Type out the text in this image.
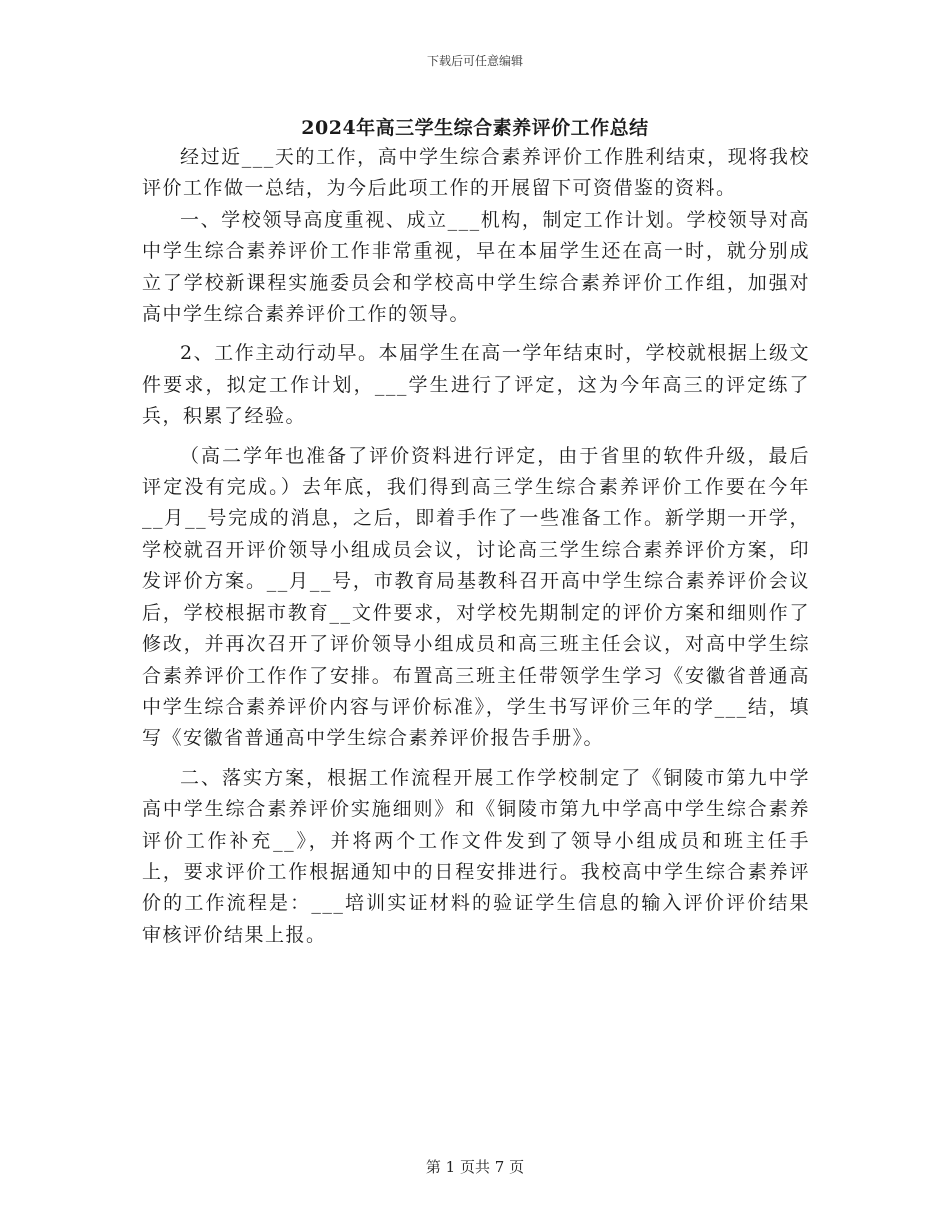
下载后可任意编辑
2024年高三学生综合素养评价工作总结

经过近___天的工作，高中学生综合素养评价工作胜利结束，现将我校评价工作做一总结，为今后此项工作的开展留下可资借鉴的资料。

一、学校领导高度重视、成立___机构，制定工作计划。学校领导对高中学生综合素养评价工作非常重视，早在本届学生还在高一时，就分别成立了学校新课程实施委员会和学校高中学生综合素养评价工作组，加强对高中学生综合素养评价工作的领导。

2、工作主动行动早。本届学生在高一学年结束时，学校就根据上级文件要求，拟定工作计划，___学生进行了评定，这为今年高三的评定练了兵，积累了经验。

（高二学年也准备了评价资料进行评定，由于省里的软件升级，最后评定没有完成。）去年底，我们得到高三学生综合素养评价工作要在今年__月__号完成的消息，之后，即着手作了一些准备工作。新学期一开学，学校就召开评价领导小组成员会议，讨论高三学生综合素养评价方案，印发评价方案。__月__号，市教育局基教科召开高中学生综合素养评价会议后，学校根据市教育__文件要求，对学校先期制定的评价方案和细则作了修改，并再次召开了评价领导小组成员和高三班主任会议，对高中学生综合素养评价工作作了安排。布置高三班主任带领学生学习《安徽省普通高中学生综合素养评价内容与评价标准》，学生书写评价三年的学___结，填写《安徽省普通高中学生综合素养评价报告手册》。

二、落实方案，根据工作流程开展工作学校制定了《铜陵市第九中学高中学生综合素养评价实施细则》和《铜陵市第九中学高中学生综合素养评价工作补充__》，并将两个工作文件发到了领导小组成员和班主任手上，要求评价工作根据通知中的日程安排进行。我校高中学生综合素养评价的工作流程是：___培训实证材料的验证学生信息的输入评价评价结果审核评价结果上报。

第 1 页共 7 页
